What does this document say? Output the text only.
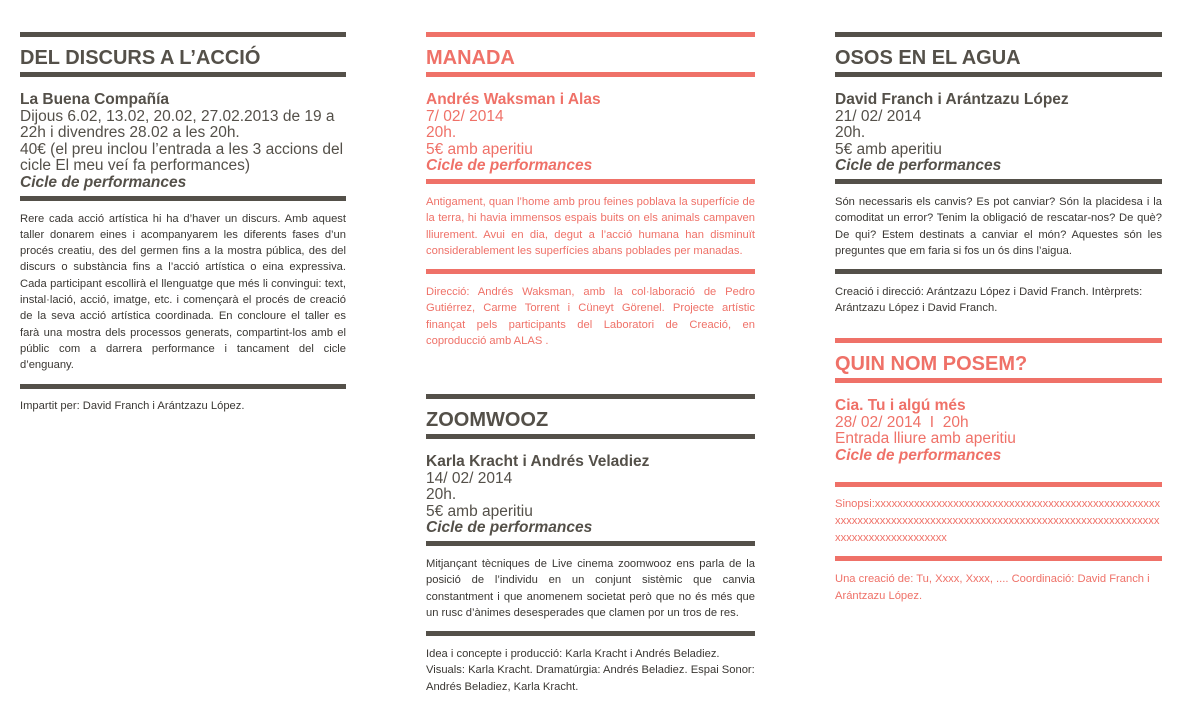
DEL DISCURS A L’ACCIÓ
La Buena Compañía
Dijous 6.02, 13.02, 20.02, 27.02.2013 de 19 a 22h i divendres 28.02 a les 20h.
40€ (el preu inclou l’entrada a les 3 accions del cicle El meu veí fa performances)
Cicle de performances
Rere cada acció artística hi ha d’haver un discurs. Amb aquest taller donarem eines i acompanyarem les diferents fases d’un procés creatiu, des del germen fins a la mostra pública, des del discurs o substància fins a l’acció artística o eina expressiva. Cada participant escollirà el llenguatge que més li convingui: text, instal·lació, acció, imatge, etc. i començarà el procés de creació de la seva acció artística coordinada. En concloure el taller es farà una mostra dels processos generats, compartint-los amb el públic com a darrera performance i tancament del cicle d’enguany.
Impartit per: David Franch i Arántzazu López.
MANADA
Andrés Waksman i Alas
7/ 02/ 2014
20h.
5€ amb aperitiu
Cicle de performances
Antigament, quan l’home amb prou feines poblava la superfície de la terra, hi havia immensos espais buits on els animals campaven lliurement. Avui en dia, degut a l’acció humana han disminuït considerablement les superfícies abans poblades per manadas.
Direcció: Andrés Waksman, amb la col·laboració de Pedro Gutiérrez, Carme Torrent i Cüneyt Görenel. Projecte artístic finançat pels participants del Laboratori de Creació, en coproducció amb ALAS .
ZOOMWOOZ
Karla Kracht i Andrés Veladiez
14/ 02/ 2014
20h.
5€ amb aperitiu
Cicle de performances
Mitjançant tècniques de Live cinema zoomwooz ens parla de la posició de l’individu en un conjunt sistèmic que canvia constantment i que anomenem societat però que no és més que un rusc d’ànimes desesperades que clamen por un tros de res.
Idea i concepte i producció: Karla Kracht i Andrés Beladiez. Visuals: Karla Kracht. Dramatúrgia: Andrés Beladiez. Espai Sonor: Andrés Beladiez, Karla Kracht.
OSOS EN EL AGUA
David Franch i Arántzazu López
21/ 02/ 2014
20h.
5€ amb aperitiu
Cicle de performances
Són necessaris els canvis? Es pot canviar? Són la placidesa i la comoditat un error? Tenim la obligació de rescatar-nos? De què? De qui? Estem destinats a canviar el món? Aquestes són les preguntes que em faria si fos un ós dins l’aigua.
Creació i direcció: Arántzazu López i David Franch. Intèrprets: Arántzazu López i David Franch.
QUIN NOM POSEM?
Cia. Tu i algú més
28/ 02/ 2014  I  20h
Entrada lliure amb aperitiu
Cicle de performances
Sinopsi:xxxxxxxxxxxxxxxxxxxxxxxxxxxxxxxxxxxxxxxxxxxxxxxxxxxxxxxxxxxxxxxxxxxxxxxxxxxxxxxxxxxxxxxxxxxxxxxxxxxxxxxxxxxxxxxxxxxxxxxxxxxxxxxxx
Una creació de: Tu, Xxxx, Xxxx, .... Coordinació: David Franch i Arántzazu López.
